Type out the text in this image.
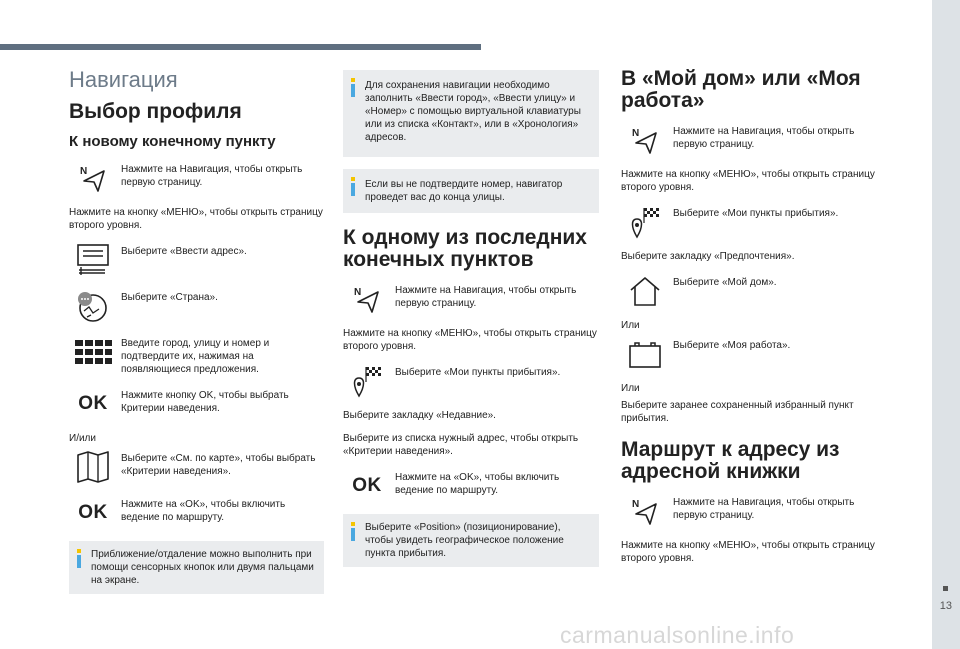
13
carmanualsonline.info
Навигация
Выбор профиля
К новому конечному пункту
N	Нажмите на Навигация, чтобы открыть первую страницу.
Нажмите на кнопку «МЕНЮ», чтобы открыть страницу второго уровня.
Выберите «Ввести адрес».
Выберите «Страна».
Введите город, улицу и номер и подтвердите их, нажимая на появляющиеся предложения.
OK Нажмите кнопку OK, чтобы выбрать Критерии наведения.
И/или
Выберите «См. по карте», чтобы выбрать «Критерии наведения».
OK Нажмите на «OK», чтобы включить ведение по маршруту.
Приближение/отдаление можно выполнить при помощи сенсорных кнопок или двумя пальцами на экране.
Для сохранения навигации необходимо заполнить «Ввести город», «Ввести улицу» и «Номер» с помощью виртуальной клавиатуры или из списка «Контакт», или в «Хронология» адресов.
Если вы не подтвердите номер, навигатор проведет вас до конца улицы.
К одному из последних конечных пунктов
N	Нажмите на Навигация, чтобы открыть первую страницу.
Нажмите на кнопку «МЕНЮ», чтобы открыть страницу второго уровня.
Выберите «Мои пункты прибытия».
Выберите закладку «Недавние».
Выберите из списка нужный адрес, чтобы открыть «Критерии наведения».
OK Нажмите на «OK», чтобы включить ведение по маршруту.
Выберите «Position» (позиционирование), чтобы увидеть географическое положение пункта прибытия.
В «Мой дом» или «Моя работа»
N	Нажмите на Навигация, чтобы открыть первую страницу.
Нажмите на кнопку «МЕНЮ», чтобы открыть страницу второго уровня.
Выберите «Мои пункты прибытия».
Выберите закладку «Предпочтения».
Выберите «Мой дом».
Или
Выберите «Моя работа».
Или
Выберите заранее сохраненный избранный пункт прибытия.
Маршрут к адресу из адресной книжки
N	Нажмите на Навигация, чтобы открыть первую страницу.
Нажмите на кнопку «МЕНЮ», чтобы открыть страницу второго уровня.
